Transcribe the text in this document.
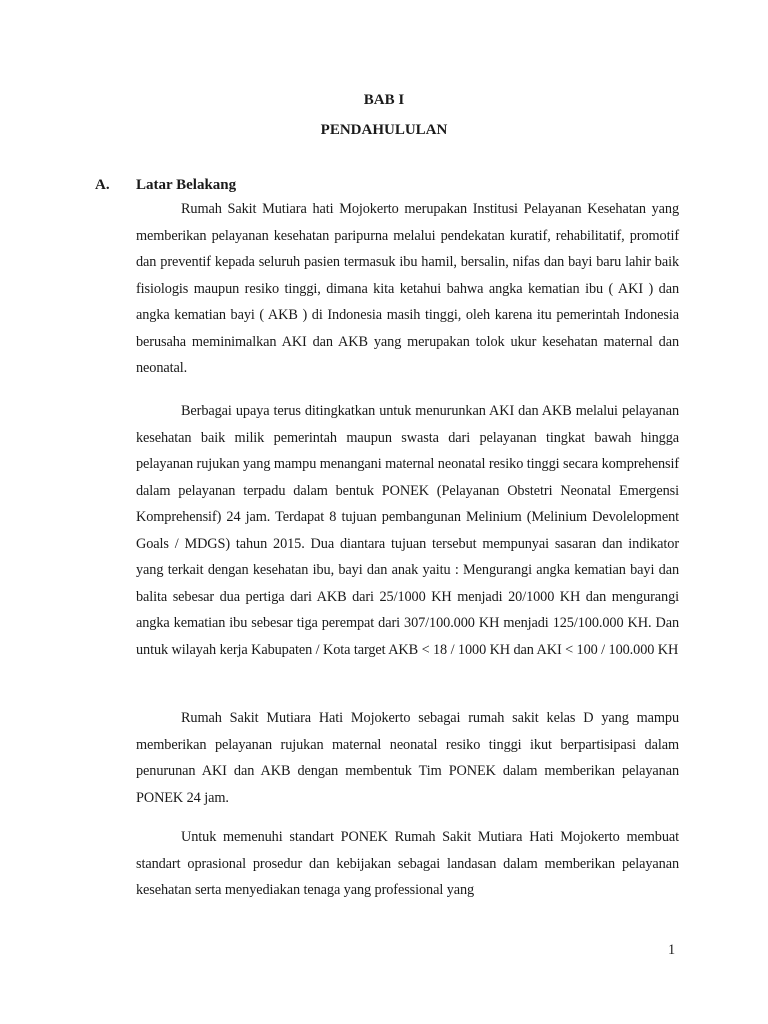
BAB I
PENDAHULULAN
A. Latar Belakang

Rumah Sakit Mutiara hati Mojokerto merupakan Institusi Pelayanan Kesehatan yang memberikan pelayanan kesehatan paripurna melalui pendekatan kuratif, rehabilitatif, promotif dan preventif kepada seluruh pasien termasuk ibu hamil, bersalin, nifas dan bayi baru lahir baik fisiologis maupun resiko tinggi, dimana kita ketahui bahwa angka kematian ibu ( AKI ) dan angka kematian bayi ( AKB ) di Indonesia masih tinggi, oleh karena itu pemerintah Indonesia berusaha meminimalkan AKI dan AKB yang merupakan tolok ukur kesehatan maternal dan neonatal.

Berbagai upaya terus ditingkatkan untuk menurunkan AKI dan AKB melalui pelayanan kesehatan baik milik pemerintah maupun swasta dari pelayanan tingkat bawah hingga pelayanan rujukan yang mampu menangani maternal neonatal resiko tinggi secara komprehensif dalam pelayanan terpadu dalam bentuk PONEK (Pelayanan Obstetri Neonatal Emergensi Komprehensif) 24 jam. Terdapat 8 tujuan pembangunan Melinium (Melinium Devolelopment Goals / MDGS) tahun 2015. Dua diantara tujuan tersebut mempunyai sasaran dan indikator yang terkait dengan kesehatan ibu, bayi dan anak yaitu : Mengurangi angka kematian bayi dan balita sebesar dua pertiga dari AKB dari 25/1000 KH menjadi 20/1000 KH dan mengurangi angka kematian ibu sebesar tiga perempat dari 307/100.000 KH menjadi 125/100.000 KH. Dan untuk wilayah kerja Kabupaten / Kota target AKB < 18 / 1000 KH dan AKI < 100 / 100.000 KH

Rumah Sakit Mutiara Hati Mojokerto sebagai rumah sakit kelas D yang mampu memberikan pelayanan rujukan maternal neonatal resiko tinggi ikut berpartisipasi dalam penurunan AKI dan AKB dengan membentuk Tim PONEK dalam memberikan pelayanan PONEK 24 jam.

Untuk memenuhi standart PONEK Rumah Sakit Mutiara Hati Mojokerto membuat standart oprasional prosedur dan kebijakan sebagai landasan dalam memberikan pelayanan kesehatan serta menyediakan tenaga yang professional yang

1
